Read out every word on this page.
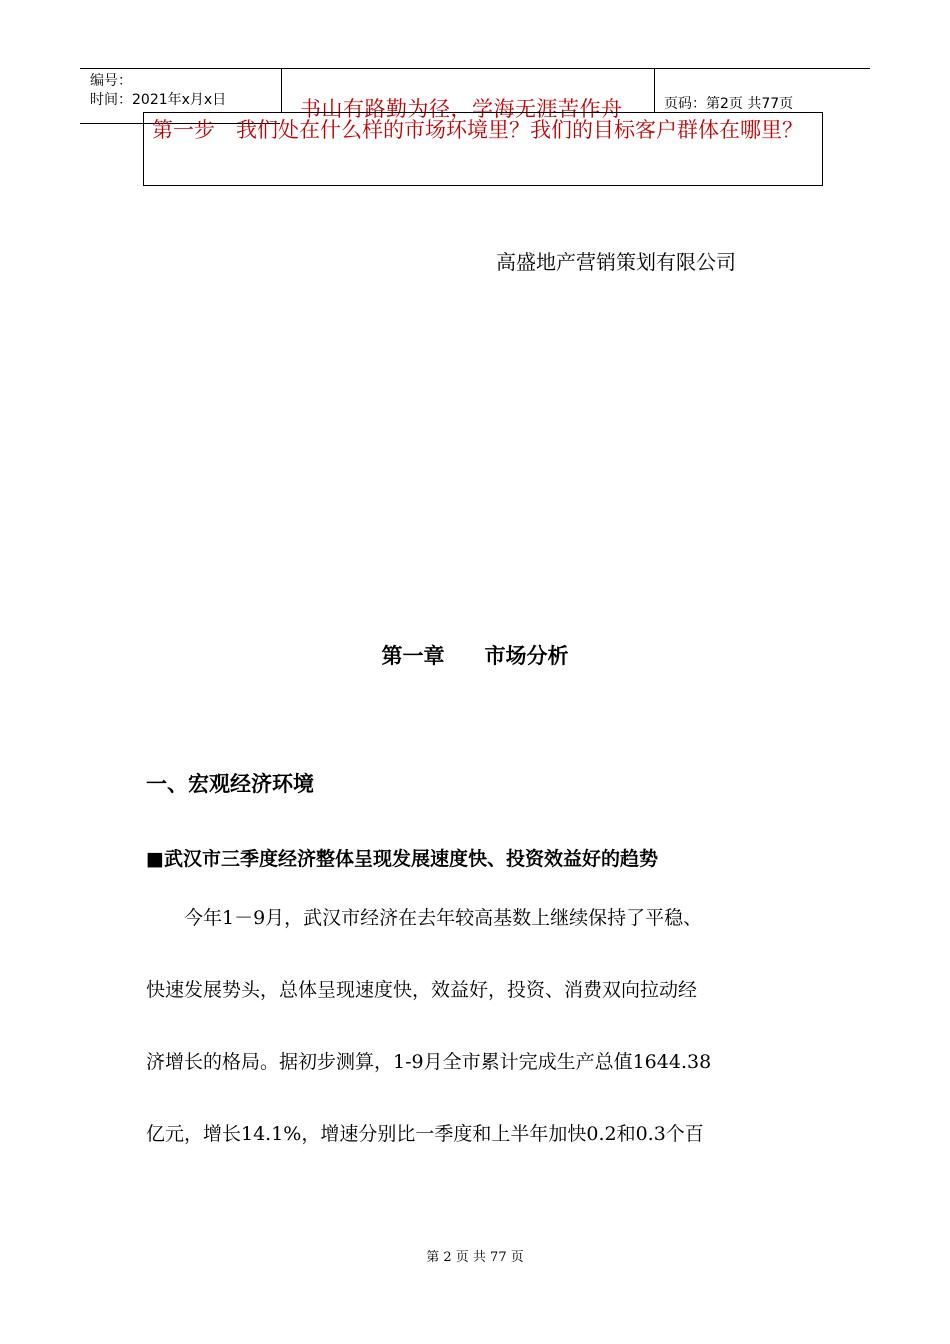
编号：
时间：2021年x月x日	书山有路勤为径，学海无涯苦作舟	页码：第2页 共77页
第一步　我们处在什么样的市场环境里？我们的目标客户群体在哪里？
高盛地产营销策划有限公司
第一章 市场分析
一、宏观经济环境
■武汉市三季度经济整体呈现发展速度快、投资效益好的趋势
　　今年1－9月，武汉市经济在去年较高基数上继续保持了平稳、
快速发展势头，总体呈现速度快，效益好，投资、消费双向拉动经
济增长的格局。据初步测算，1-9月全市累计完成生产总值1644.38
亿元，增长14.1%，增速分别比一季度和上半年加快0.2和0.3个百
第 2 页 共 77 页
